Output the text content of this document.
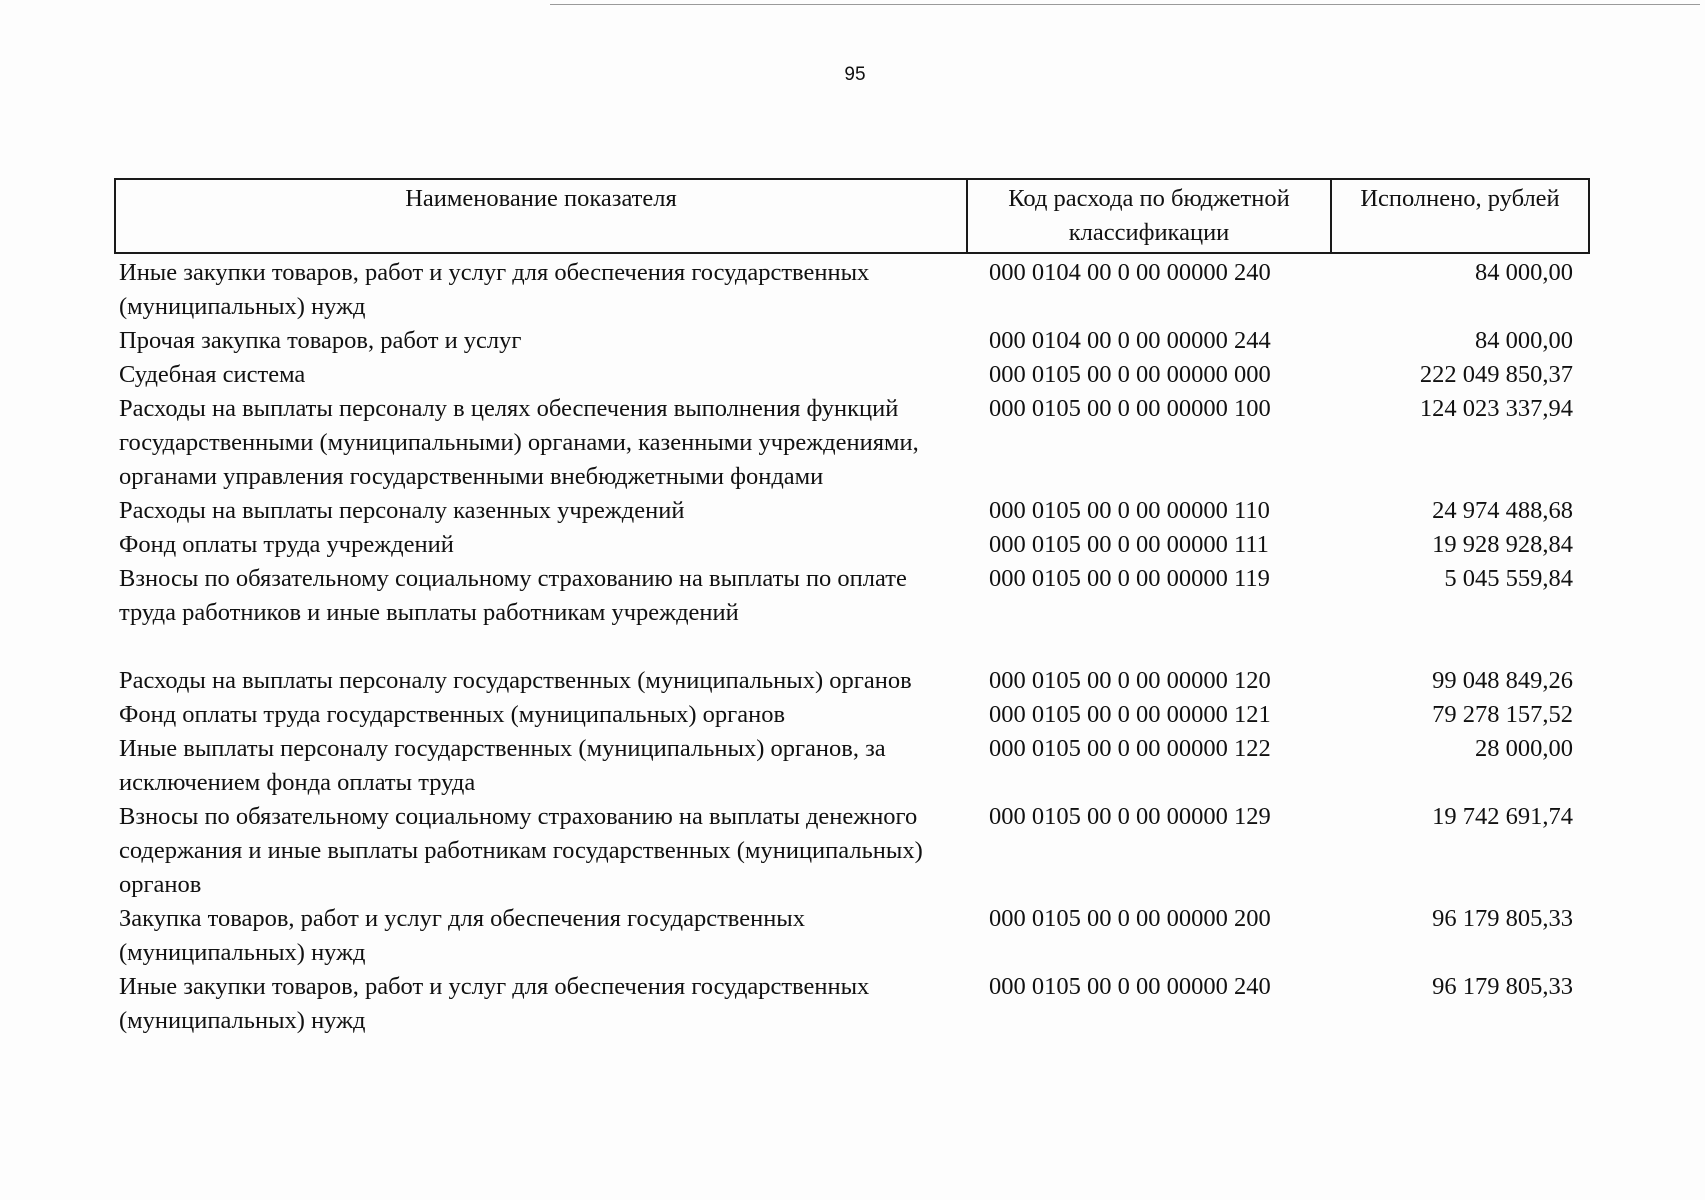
95
Наименование показателя	Код расхода по бюджетной классификации	Исполнено, рублей
Иные закупки товаров, работ и услуг для обеспечения государственных (муниципальных) нужд	000 0104 00 0 00 00000 240	84 000,00
Прочая закупка товаров, работ и услуг	000 0104 00 0 00 00000 244	84 000,00
Судебная система	000 0105 00 0 00 00000 000	222 049 850,37
Расходы на выплаты персоналу в целях обеспечения выполнения функций государственными (муниципальными) органами, казенными учреждениями, органами управления государственными внебюджетными фондами	000 0105 00 0 00 00000 100	124 023 337,94
Расходы на выплаты персоналу казенных учреждений	000 0105 00 0 00 00000 110	24 974 488,68
Фонд оплаты труда учреждений	000 0105 00 0 00 00000 111	19 928 928,84
Взносы по обязательному социальному страхованию на выплаты по оплате труда работников и иные выплаты работникам учреждений	000 0105 00 0 00 00000 119	5 045 559,84
Расходы на выплаты персоналу государственных (муниципальных) органов	000 0105 00 0 00 00000 120	99 048 849,26
Фонд оплаты труда государственных (муниципальных) органов	000 0105 00 0 00 00000 121	79 278 157,52
Иные выплаты персоналу государственных (муниципальных) органов, за исключением фонда оплаты труда	000 0105 00 0 00 00000 122	28 000,00
Взносы по обязательному социальному страхованию на выплаты денежного содержания и иные выплаты работникам государственных (муниципальных) органов	000 0105 00 0 00 00000 129	19 742 691,74
Закупка товаров, работ и услуг для обеспечения государственных (муниципальных) нужд	000 0105 00 0 00 00000 200	96 179 805,33
Иные закупки товаров, работ и услуг для обеспечения государственных (муниципальных) нужд	000 0105 00 0 00 00000 240	96 179 805,33
